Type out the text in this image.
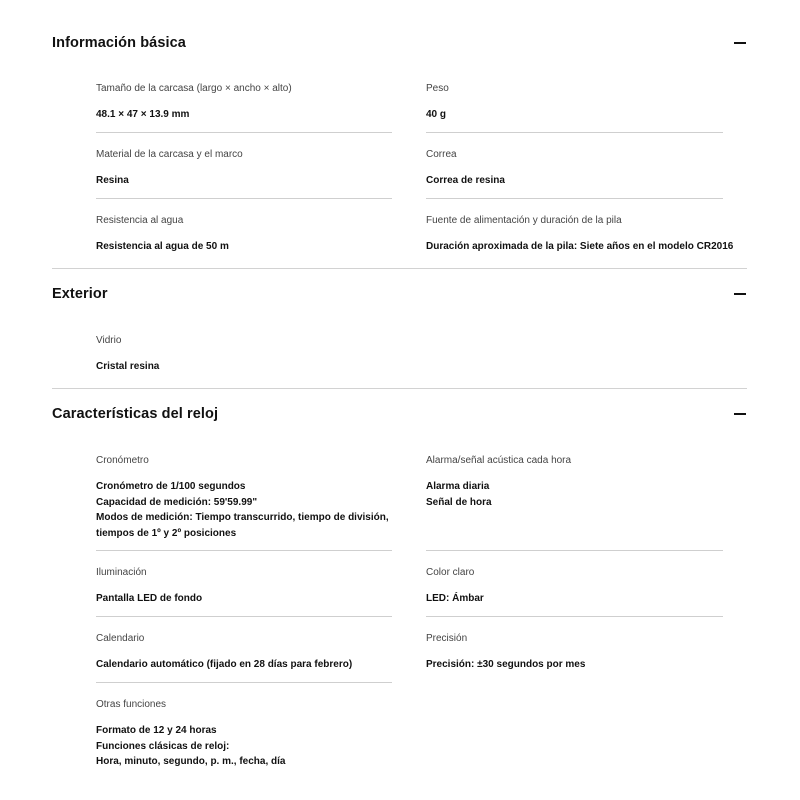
Información básica
Tamaño de la carcasa (largo × ancho × alto)
48.1 × 47 × 13.9 mm
Peso
40 g
Material de la carcasa y el marco
Resina
Correa
Correa de resina
Resistencia al agua
Resistencia al agua de 50 m
Fuente de alimentación y duración de la pila
Duración aproximada de la pila: Siete años en el modelo CR2016
Exterior
Vidrio
Cristal resina
Características del reloj
Cronómetro
Cronómetro de 1/100 segundos
Capacidad de medición: 59'59.99"
Modos de medición: Tiempo transcurrido, tiempo de división,
tiempos de 1º y 2º posiciones
Alarma/señal acústica cada hora
Alarma diaria
Señal de hora
Iluminación
Pantalla LED de fondo
Color claro
LED: Ámbar
Calendario
Calendario automático (fijado en 28 días para febrero)
Precisión
Precisión: ±30 segundos por mes
Otras funciones
Formato de 12 y 24 horas
Funciones clásicas de reloj:
Hora, minuto, segundo, p. m., fecha, día
